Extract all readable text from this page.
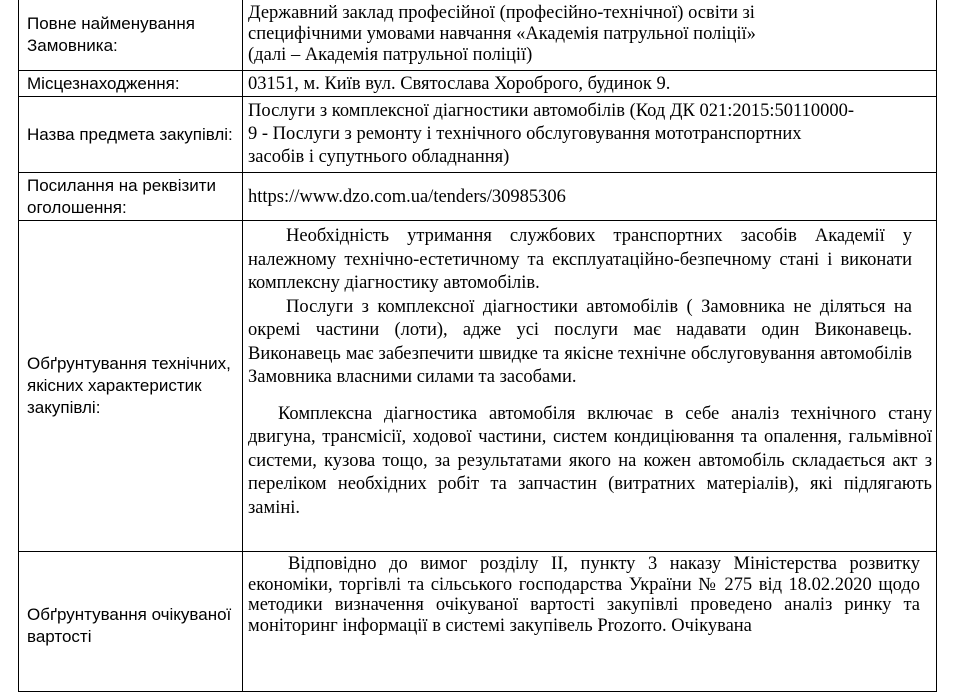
Повне найменування Замовника:	Державний заклад професійної (професійно-технічної) освіти зі
специфічними умовами навчання «Академія патрульної поліції»
(далі – Академія патрульної поліції)

Місцезнаходження:	03151, м. Київ вул. Святослава Хороброго, будинок 9.
Назва предмета закупівлі:	Послуги з комплексної діагностики автомобілів (Код ДК 021:2015:50110000-
9 - Послуги з ремонту і технічного обслуговування мототранспортних
засобів і супутнього обладнання)

Посилання на реквізити оголошення:	https://www.dzo.com.ua/tenders/30985306
Обґрунтування технічних, якісних характеристик закупівлі:	Необхідність утримання службових транспортних засобів Академії у належному технічно-естетичному та експлуатаційно-безпечному стані і виконати комплексну діагностику автомобілів.

Послуги з комплексної діагностики автомобілів ( Замовника не діляться на окремі частини (лоти), адже усі послуги має надавати один Виконавець. Виконавець має забезпечити швидке та якісне технічне обслуговування автомобілів Замовника власними силами та засобами.

Комплексна діагностика автомобіля включає в себе аналіз технічного стану двигуна, трансмісії, ходової частини, систем кондиціювання та опалення, гальмівної системи, кузова тощо, за результатами якого на кожен автомобіль складається акт з переліком необхідних робіт та запчастин (витратних матеріалів), які підлягають заміні.

Обґрунтування очікуваної вартості	Відповідно до вимог розділу ІІ, пункту 3 наказу Міністерства розвитку економіки, торгівлі та сільського господарства України № 275 від 18.02.2020 щодо методики визначення очікуваної вартості закупівлі проведено аналіз ринку та моніторинг інформації в системі закупівель Prozorro. Очікувана
